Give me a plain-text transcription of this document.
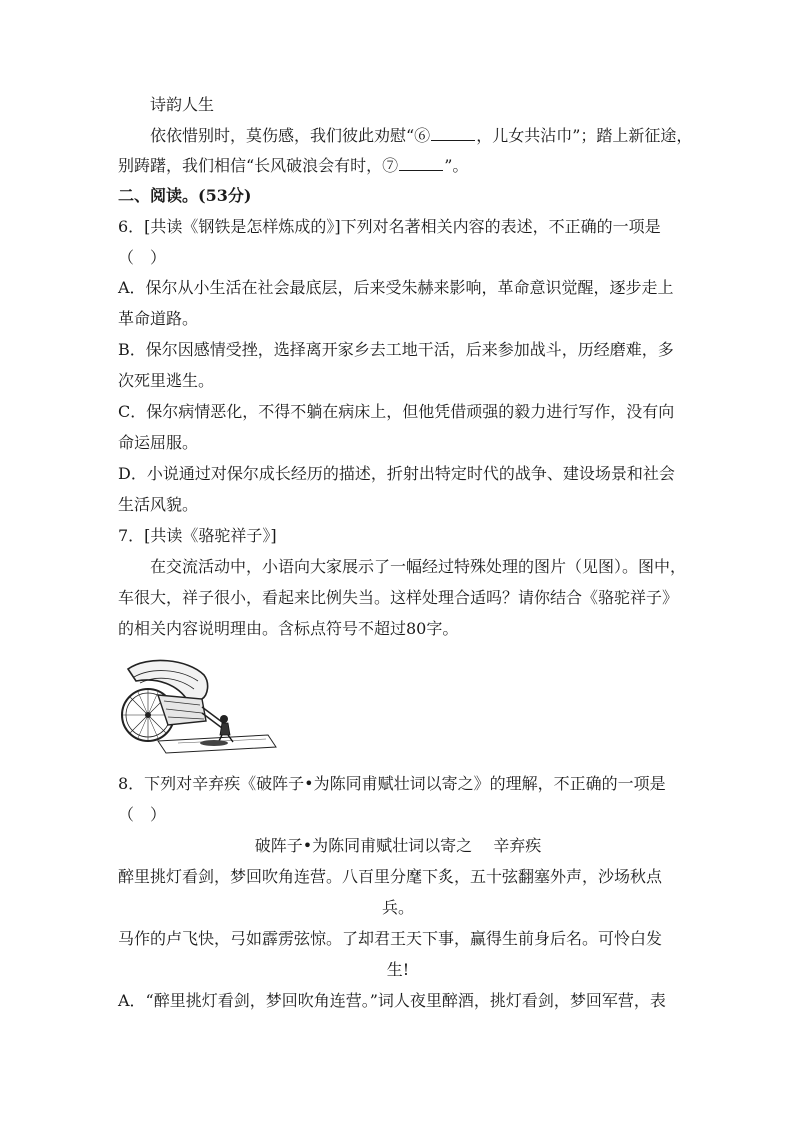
诗韵人生
依依惜别时，莫伤感，我们彼此劝慰“⑥	，儿女共沾巾”；踏上新征途，
别踌躇，我们相信“长风破浪会有时，⑦	”。
二、阅读。(53分)
6．[共读《钢铁是怎样炼成的》]下列对名著相关内容的表述，不正确的一项是
（　）
A．保尔从小生活在社会最底层，后来受朱赫来影响，革命意识觉醒，逐步走上
革命道路。
B．保尔因感情受挫，选择离开家乡去工地干活，后来参加战斗，历经磨难，多
次死里逃生。
C．保尔病情恶化，不得不躺在病床上，但他凭借顽强的毅力进行写作，没有向
命运屈服。
D．小说通过对保尔成长经历的描述，折射出特定时代的战争、建设场景和社会
生活风貌。
7．[共读《骆驼祥子》]
在交流活动中，小语向大家展示了一幅经过特殊处理的图片（见图）。图中，
车很大，祥子很小，看起来比例失当。这样处理合适吗？请你结合《骆驼祥子》
的相关内容说明理由。含标点符号不超过80字。
8．下列对辛弃疾《破阵子•为陈同甫赋壮词以寄之》的理解，不正确的一项是
（　）
破阵子•为陈同甫赋壮词以寄之　 辛弃疾
醉里挑灯看剑，梦回吹角连营。八百里分麾下炙，五十弦翻塞外声，沙场秋点
兵。
马作的卢飞快，弓如霹雳弦惊。了却君王天下事，赢得生前身后名。可怜白发
生!
A．“醉里挑灯看剑，梦回吹角连营。”词人夜里醉酒，挑灯看剑，梦回军营，表
